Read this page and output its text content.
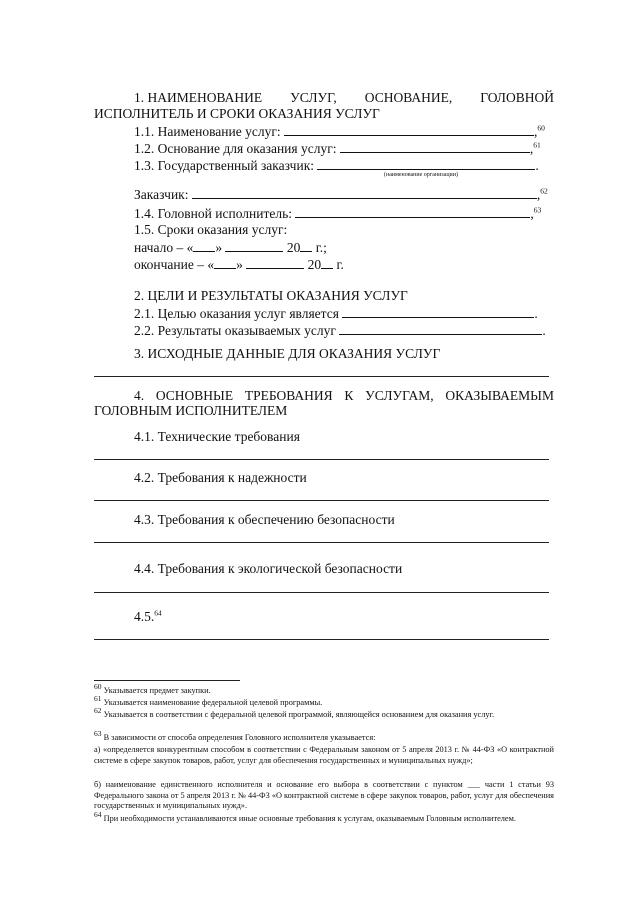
1. НАИМЕНОВАНИЕ УСЛУГ, ОСНОВАНИЕ, ГОЛОВНОЙ
ИСПОЛНИТЕЛЬ И СРОКИ ОКАЗАНИЯ УСЛУГ
1.1. Наименование услуг:	,$^{60}$
1.2. Основание для оказания услуг:	,$^{61}$
1.3. Государственный заказчик:	.
(наименование организации)
Заказчик:	,$^{62}$
1.4. Головной исполнитель:	,$^{63}$
1.5. Сроки оказания услуг:
начало – « »	20 г.;
окончание – « »	20 г.
2. ЦЕЛИ И РЕЗУЛЬТАТЫ ОКАЗАНИЯ УСЛУГ
2.1. Целью оказания услуг является	.
2.2. Результаты оказываемых услуг	.
3. ИСХОДНЫЕ ДАННЫЕ ДЛЯ ОКАЗАНИЯ УСЛУГ
4. ОСНОВНЫЕ ТРЕБОВАНИЯ К УСЛУГАМ, ОКАЗЫВАЕМЫМ
ГОЛОВНЫМ ИСПОЛНИТЕЛЕМ
4.1. Технические требования
4.2. Требования к надежности
4.3. Требования к обеспечению безопасности
4.4. Требования к экологической безопасности
4.5.64
60 Указывается предмет закупки.
61 Указывается наименование федеральной целевой программы.
62 Указывается в соответствии с федеральной целевой программой, являющейся основанием для оказания услуг.
63 В зависимости от способа определения Головного исполнителя указывается:
а) «определяется конкурентным способом в соответствии с Федеральным законом от 5 апреля 2013 г. № 44-ФЗ «О контрактной системе в сфере закупок товаров, работ, услуг для обеспечения государственных и муниципальных нужд»;
б) наименование единственного исполнителя и основание его выбора в соответствии с пунктом ___ части 1 статьи 93 Федерального закона от 5 апреля 2013 г. № 44-ФЗ «О контрактной системе в сфере закупок товаров, работ, услуг для обеспечения государственных и муниципальных нужд».
64 При необходимости устанавливаются иные основные требования к услугам, оказываемым Головным исполнителем.
